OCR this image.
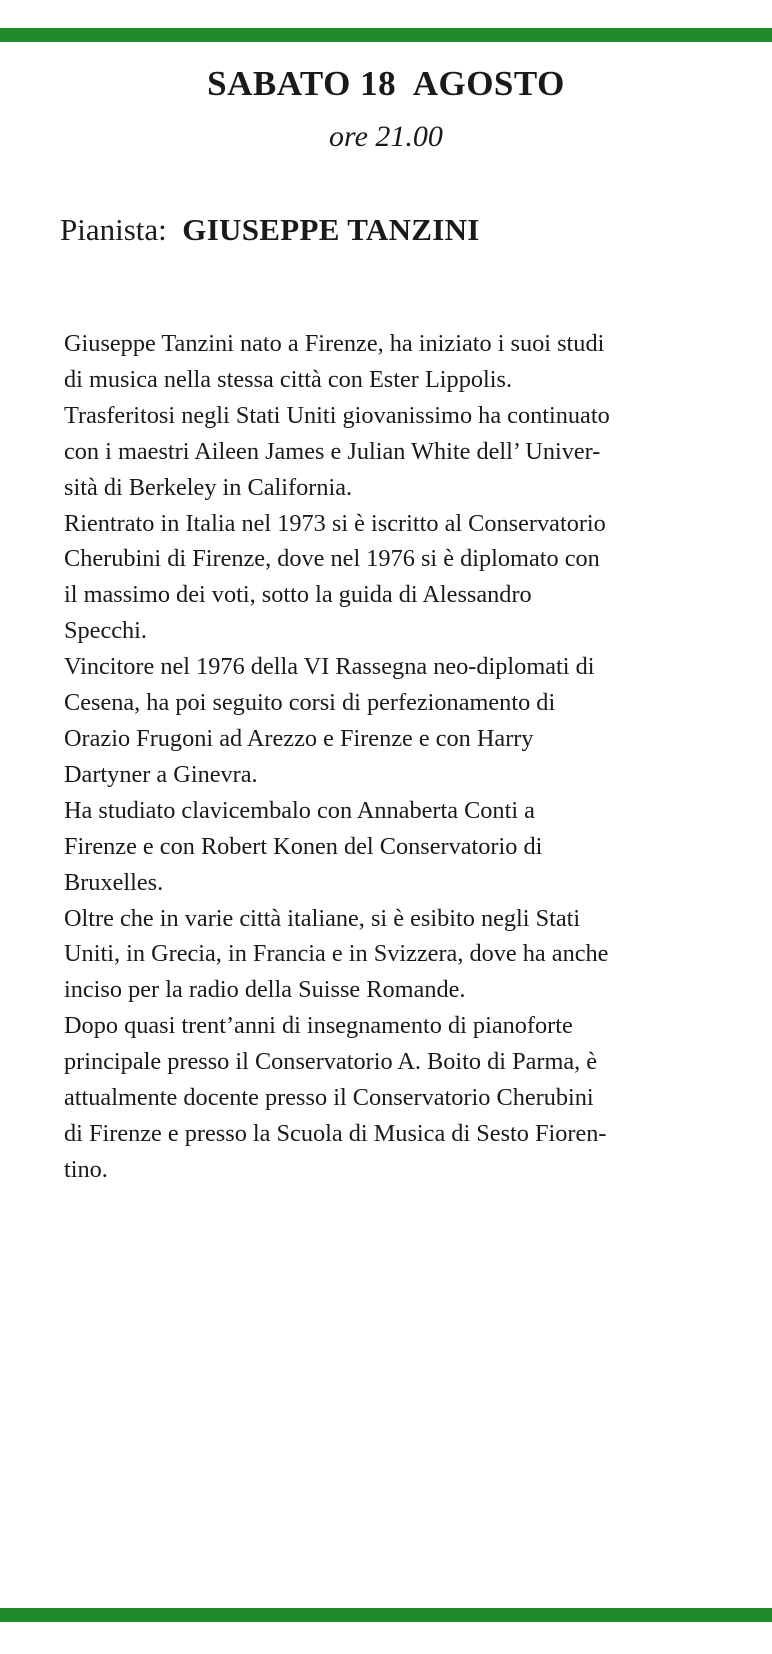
SABATO 18  AGOSTO
ore 21.00
Pianista: GIUSEPPE TANZINI
Giuseppe Tanzini nato a Firenze, ha iniziato i suoi studi
di musica nella stessa città con Ester Lippolis.
Trasferitosi negli Stati Uniti giovanissimo ha continuato
con i maestri Aileen James e Julian White dell’ Univer-
sità di Berkeley in California.
Rientrato in Italia nel 1973 si è iscritto al Conservatorio
Cherubini di Firenze, dove nel 1976 si è diplomato con
il massimo dei voti, sotto la guida di Alessandro
Specchi.
Vincitore nel 1976 della VI Rassegna neo-diplomati di
Cesena, ha poi seguito corsi di perfezionamento di
Orazio Frugoni ad Arezzo e Firenze e con Harry
Dartyner a Ginevra.
Ha studiato clavicembalo con Annaberta Conti a
Firenze e con Robert Konen del Conservatorio di
Bruxelles.
Oltre che in varie città italiane, si è esibito negli Stati
Uniti, in Grecia, in Francia e in Svizzera, dove ha anche
inciso per la radio della Suisse Romande.
Dopo quasi trent’anni di insegnamento di pianoforte
principale presso il Conservatorio A. Boito di Parma, è
attualmente docente presso il Conservatorio Cherubini
di Firenze e presso la Scuola di Musica di Sesto Fioren-
tino.
